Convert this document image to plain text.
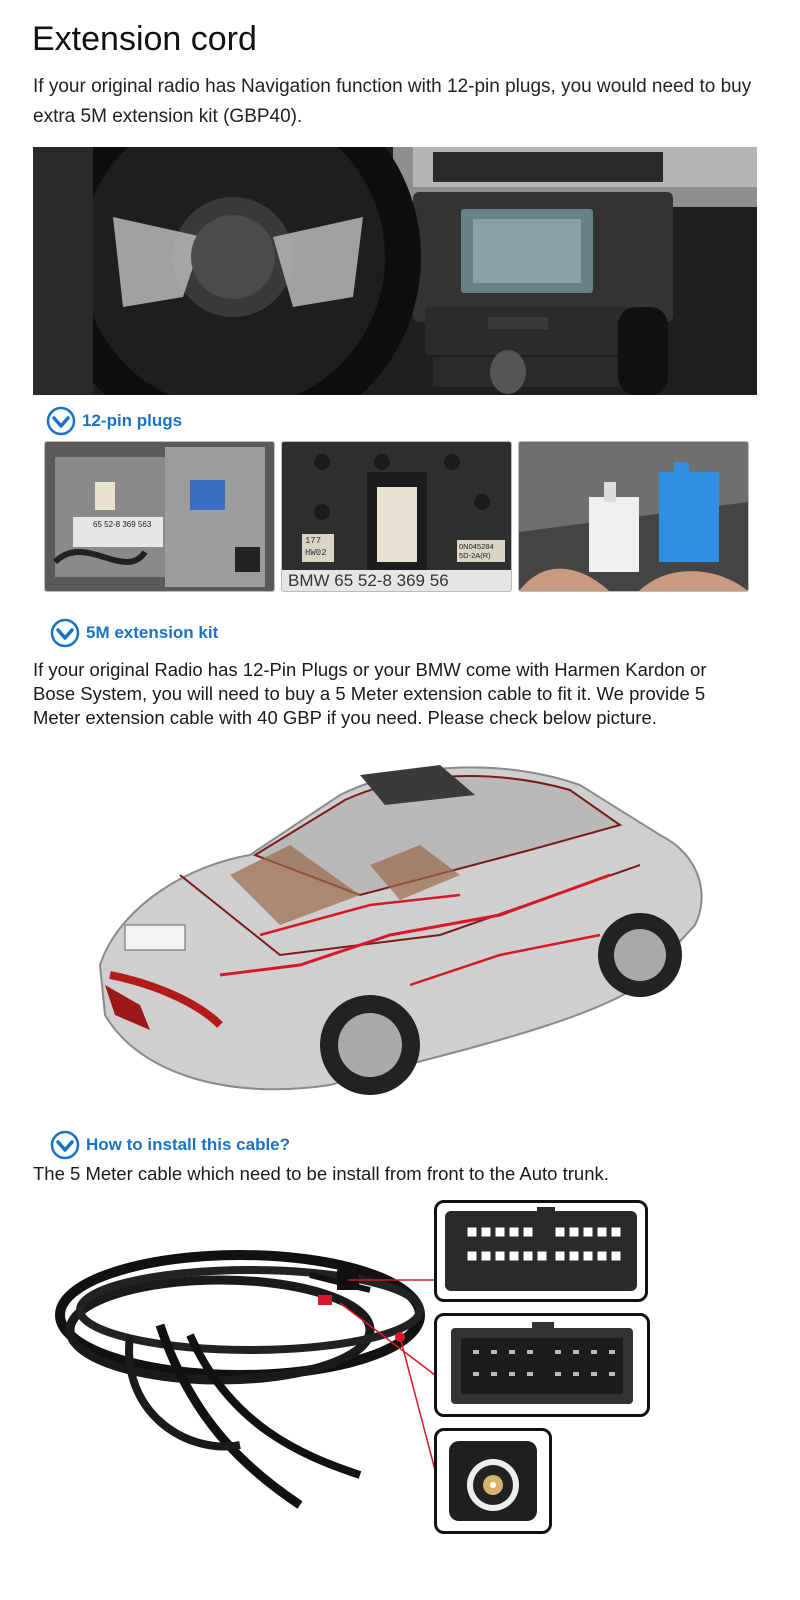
Extension cord

If your original radio has Navigation function with 12-pin plugs, you would need to buy extra 5M extension kit (GBP40).

12-pin plugs
65 52-8 369 563
177
HW02
0N045284
5D-2A(R)
BMW 65 52-8 369 56
5M extension kit

If your original Radio has 12-Pin Plugs or your BMW come with Harmen Kardon or Bose System, you will need to buy a 5 Meter extension cable to fit it. We provide 5 Meter extension cable with 40 GBP if you need. Please check below picture.

How to install this cable?

The 5 Meter cable which need to be install from front to the Auto trunk.
